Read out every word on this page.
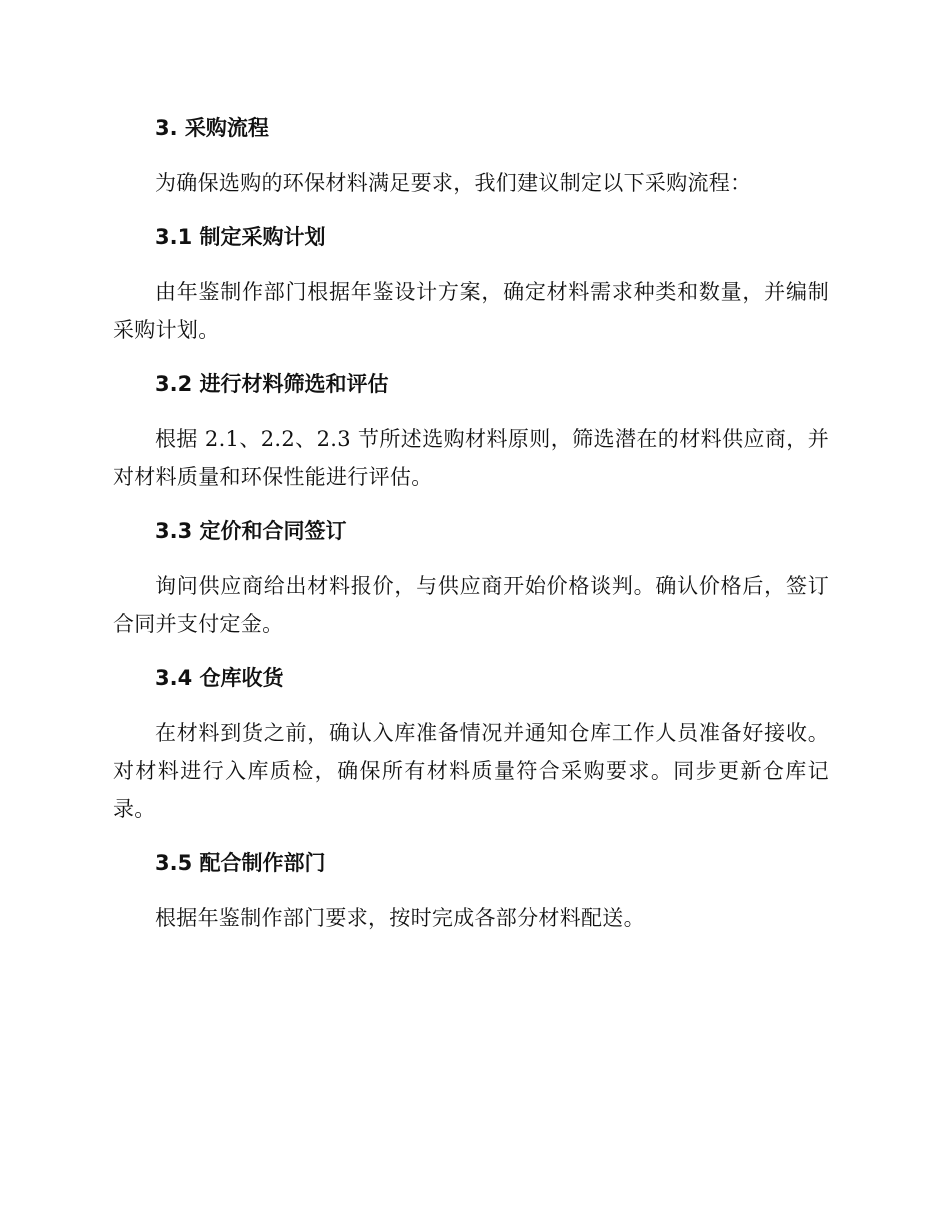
3. 采购流程

为确保选购的环保材料满足要求，我们建议制定以下采购流程：

3.1 制定采购计划

由年鉴制作部门根据年鉴设计方案，确定材料需求种类和数量，并编制采购计划。

3.2 进行材料筛选和评估

根据 2.1、2.2、2.3 节所述选购材料原则，筛选潜在的材料供应商，并对材料质量和环保性能进行评估。

3.3 定价和合同签订

询问供应商给出材料报价，与供应商开始价格谈判。确认价格后，签订合同并支付定金。

3.4 仓库收货

在材料到货之前，确认入库准备情况并通知仓库工作人员准备好接收。对材料进行入库质检，确保所有材料质量符合采购要求。同步更新仓库记录。

3.5 配合制作部门

根据年鉴制作部门要求，按时完成各部分材料配送。
